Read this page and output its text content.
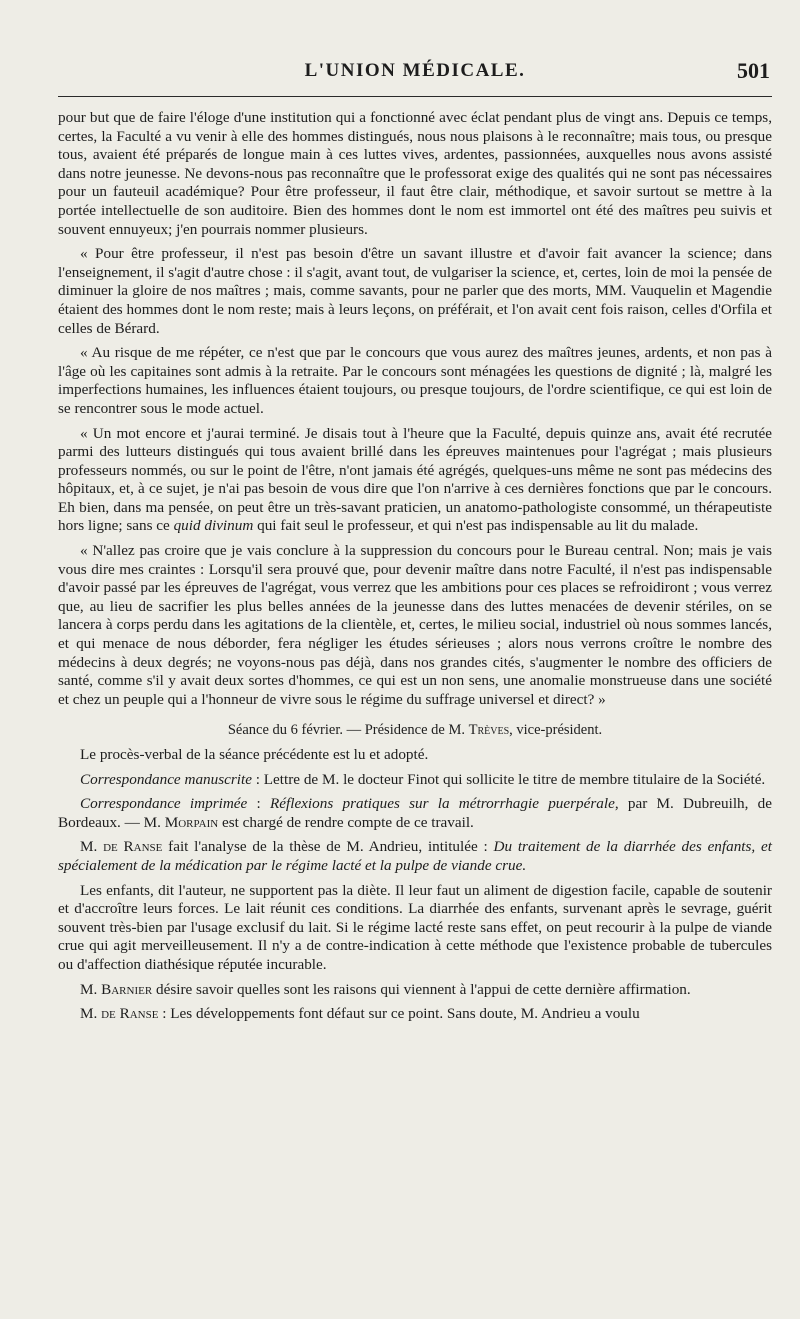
L'UNION MÉDICALE.	501

pour but que de faire l'éloge d'une institution qui a fonctionné avec éclat pendant plus de vingt ans. Depuis ce temps, certes, la Faculté a vu venir à elle des hommes distingués, nous nous plaisons à le reconnaître; mais tous, ou presque tous, avaient été préparés de longue main à ces luttes vives, ardentes, passionnées, auxquelles nous avons assisté dans notre jeunesse. Ne devons-nous pas reconnaître que le professorat exige des qualités qui ne sont pas nécessaires pour un fauteuil académique? Pour être professeur, il faut être clair, méthodique, et savoir surtout se mettre à la portée intellectuelle de son auditoire. Bien des hommes dont le nom est immortel ont été des maîtres peu suivis et souvent ennuyeux; j'en pourrais nommer plusieurs.

« Pour être professeur, il n'est pas besoin d'être un savant illustre et d'avoir fait avancer la science; dans l'enseignement, il s'agit d'autre chose : il s'agit, avant tout, de vulgariser la science, et, certes, loin de moi la pensée de diminuer la gloire de nos maîtres ; mais, comme savants, pour ne parler que des morts, MM. Vauquelin et Magendie étaient des hommes dont le nom reste; mais à leurs leçons, on préférait, et l'on avait cent fois raison, celles d'Orfila et celles de Bérard.

« Au risque de me répéter, ce n'est que par le concours que vous aurez des maîtres jeunes, ardents, et non pas à l'âge où les capitaines sont admis à la retraite. Par le concours sont ménagées les questions de dignité ; là, malgré les imperfections humaines, les influences étaient toujours, ou presque toujours, de l'ordre scientifique, ce qui est loin de se rencontrer sous le mode actuel.

« Un mot encore et j'aurai terminé. Je disais tout à l'heure que la Faculté, depuis quinze ans, avait été recrutée parmi des lutteurs distingués qui tous avaient brillé dans les épreuves maintenues pour l'agrégat ; mais plusieurs professeurs nommés, ou sur le point de l'être, n'ont jamais été agrégés, quelques-uns même ne sont pas médecins des hôpitaux, et, à ce sujet, je n'ai pas besoin de vous dire que l'on n'arrive à ces dernières fonctions que par le concours. Eh bien, dans ma pensée, on peut être un très-savant praticien, un anatomo-pathologiste consommé, un thérapeutiste hors ligne; sans ce quid divinum qui fait seul le professeur, et qui n'est pas indispensable au lit du malade.

« N'allez pas croire que je vais conclure à la suppression du concours pour le Bureau central. Non; mais je vais vous dire mes craintes : Lorsqu'il sera prouvé que, pour devenir maître dans notre Faculté, il n'est pas indispensable d'avoir passé par les épreuves de l'agrégat, vous verrez que les ambitions pour ces places se refroidiront ; vous verrez que, au lieu de sacrifier les plus belles années de la jeunesse dans des luttes menacées de devenir stériles, on se lancera à corps perdu dans les agitations de la clientèle, et, certes, le milieu social, industriel où nous sommes lancés, et qui menace de nous déborder, fera négliger les études sérieuses ; alors nous verrons croître le nombre des médecins à deux degrés; ne voyons-nous pas déjà, dans nos grandes cités, s'augmenter le nombre des officiers de santé, comme s'il y avait deux sortes d'hommes, ce qui est un non sens, une anomalie monstrueuse dans une société et chez un peuple qui a l'honneur de vivre sous le régime du suffrage universel et direct? »

Séance du 6 février. — Présidence de M. Trèves, vice-président.

Le procès-verbal de la séance précédente est lu et adopté.

Correspondance manuscrite : Lettre de M. le docteur Finot qui sollicite le titre de membre titulaire de la Société.

Correspondance imprimée : Réflexions pratiques sur la métrorrhagie puerpérale, par M. Dubreuilh, de Bordeaux. — M. Morpain est chargé de rendre compte de ce travail.

M. de Ranse fait l'analyse de la thèse de M. Andrieu, intitulée : Du traitement de la diarrhée des enfants, et spécialement de la médication par le régime lacté et la pulpe de viande crue.

Les enfants, dit l'auteur, ne supportent pas la diète. Il leur faut un aliment de digestion facile, capable de soutenir et d'accroître leurs forces. Le lait réunit ces conditions. La diarrhée des enfants, survenant après le sevrage, guérit souvent très-bien par l'usage exclusif du lait. Si le régime lacté reste sans effet, on peut recourir à la pulpe de viande crue qui agit merveilleusement. Il n'y a de contre-indication à cette méthode que l'existence probable de tubercules ou d'affection diathésique réputée incurable.

M. Barnier désire savoir quelles sont les raisons qui viennent à l'appui de cette dernière affirmation.

M. de Ranse : Les développements font défaut sur ce point. Sans doute, M. Andrieu a voulu
